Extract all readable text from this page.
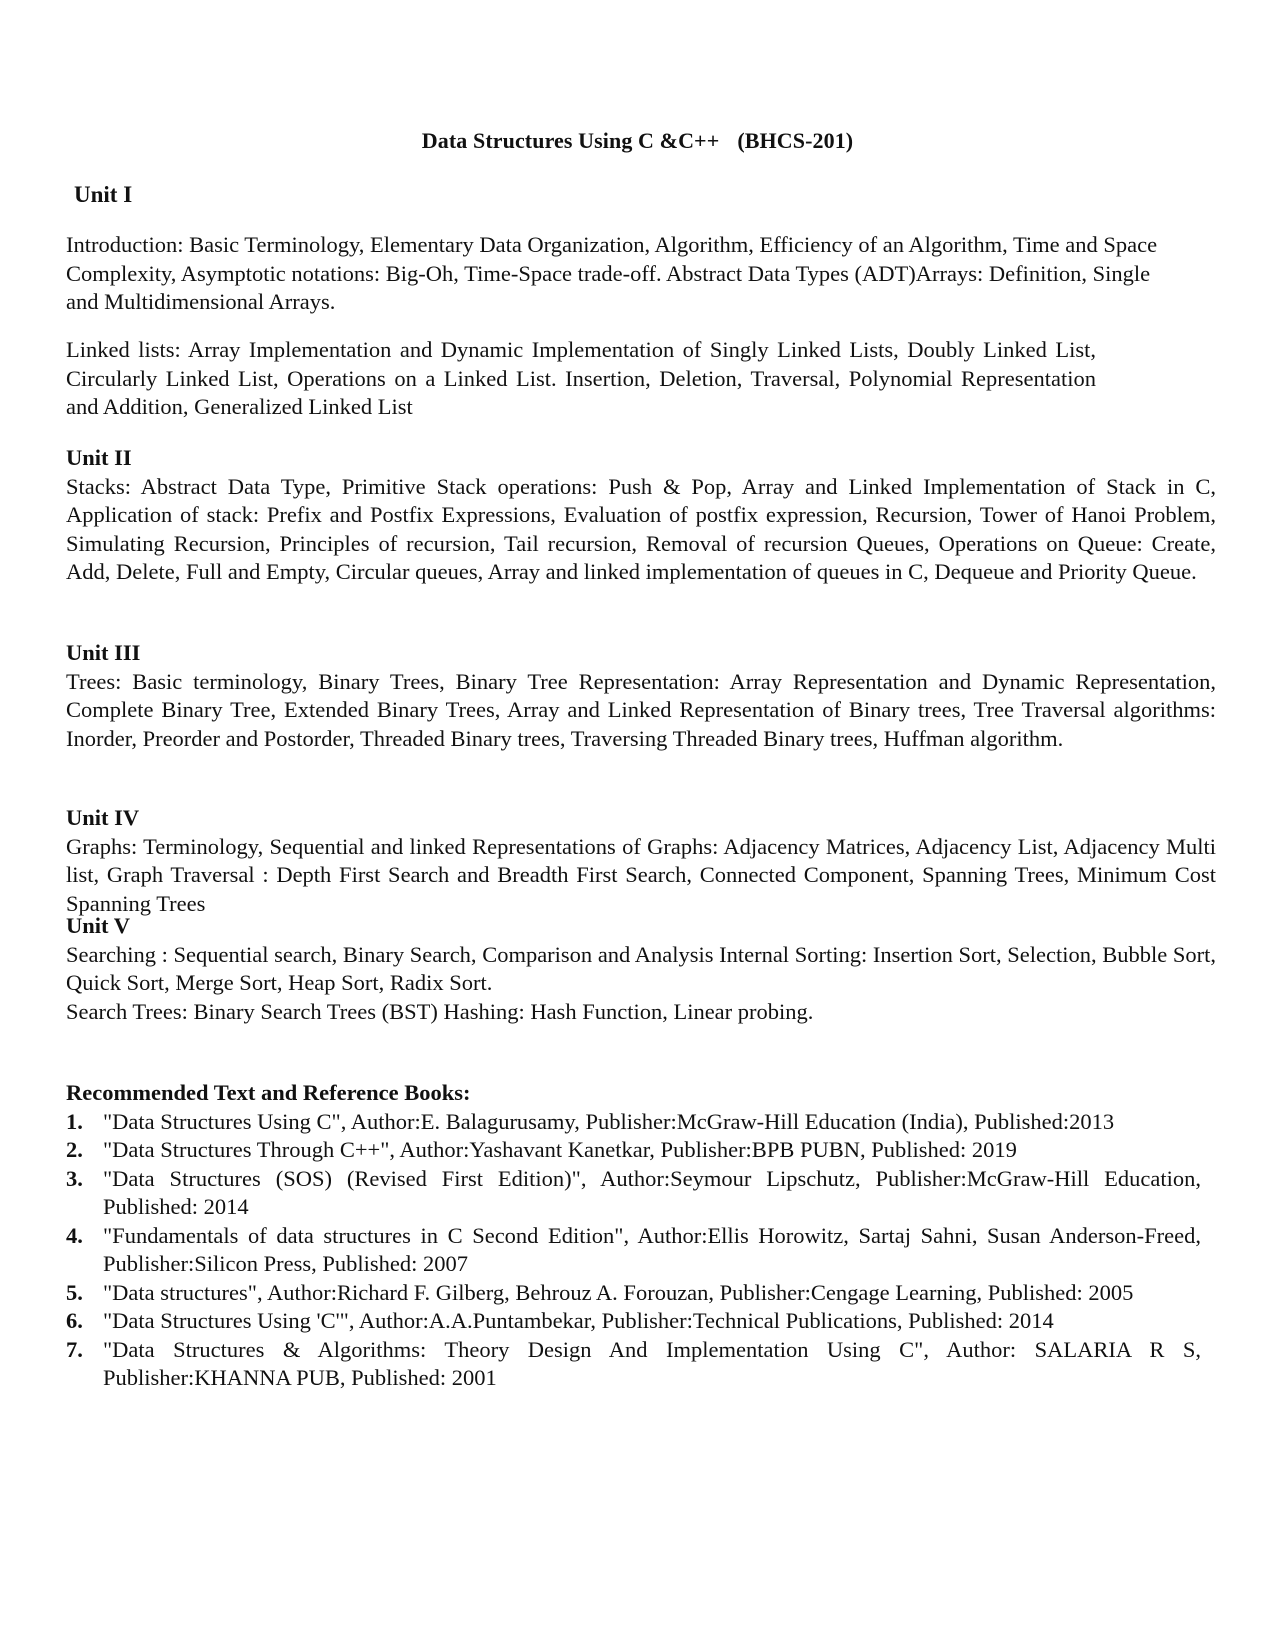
Data Structures Using C &C++ (BHCS-201)
Unit I
Introduction: Basic Terminology, Elementary Data Organization, Algorithm, Efficiency of an Algorithm, Time and Space Complexity, Asymptotic notations: Big-Oh, Time-Space trade-off. Abstract Data Types (ADT)Arrays: Definition, Single and Multidimensional Arrays.
Linked lists: Array Implementation and Dynamic Implementation of Singly Linked Lists, Doubly Linked List, Circularly Linked List, Operations on a Linked List. Insertion, Deletion, Traversal, Polynomial Representation and Addition, Generalized Linked List
Unit II
Stacks: Abstract Data Type, Primitive Stack operations: Push & Pop, Array and Linked Implementation of Stack in C, Application of stack: Prefix and Postfix Expressions, Evaluation of postfix expression, Recursion, Tower of Hanoi Problem, Simulating Recursion, Principles of recursion, Tail recursion, Removal of recursion Queues, Operations on Queue: Create, Add, Delete, Full and Empty, Circular queues, Array and linked implementation of queues in C, Dequeue and Priority Queue.
Unit III
Trees: Basic terminology, Binary Trees, Binary Tree Representation: Array Representation and Dynamic Representation, Complete Binary Tree, Extended Binary Trees, Array and Linked Representation of Binary trees, Tree Traversal algorithms: Inorder, Preorder and Postorder, Threaded Binary trees, Traversing Threaded Binary trees, Huffman algorithm.
Unit IV
Graphs: Terminology, Sequential and linked Representations of Graphs: Adjacency Matrices, Adjacency List, Adjacency Multi list, Graph Traversal : Depth First Search and Breadth First Search, Connected Component, Spanning Trees, Minimum Cost Spanning Trees
Unit V
Searching : Sequential search, Binary Search, Comparison and Analysis Internal Sorting: Insertion Sort, Selection, Bubble Sort, Quick Sort, Merge Sort, Heap Sort, Radix Sort.
Search Trees: Binary Search Trees (BST) Hashing: Hash Function, Linear probing.
Recommended Text and Reference Books:
1. "Data Structures Using C", Author:E. Balagurusamy, Publisher:McGraw-Hill Education (India), Published:2013
2. "Data Structures Through C++", Author:Yashavant Kanetkar, Publisher:BPB PUBN, Published: 2019
3. "Data Structures (SOS) (Revised First Edition)", Author:Seymour Lipschutz, Publisher:McGraw-Hill Education, Published: 2014
4. "Fundamentals of data structures in C Second Edition", Author:Ellis Horowitz, Sartaj Sahni, Susan Anderson-Freed, Publisher:Silicon Press, Published: 2007
5. "Data structures", Author:Richard F. Gilberg, Behrouz A. Forouzan, Publisher:Cengage Learning, Published: 2005
6. "Data Structures Using 'C'", Author:A.A.Puntambekar, Publisher:Technical Publications, Published: 2014
7. "Data Structures & Algorithms: Theory Design And Implementation Using C", Author: SALARIA R S, Publisher:KHANNA PUB, Published: 2001
